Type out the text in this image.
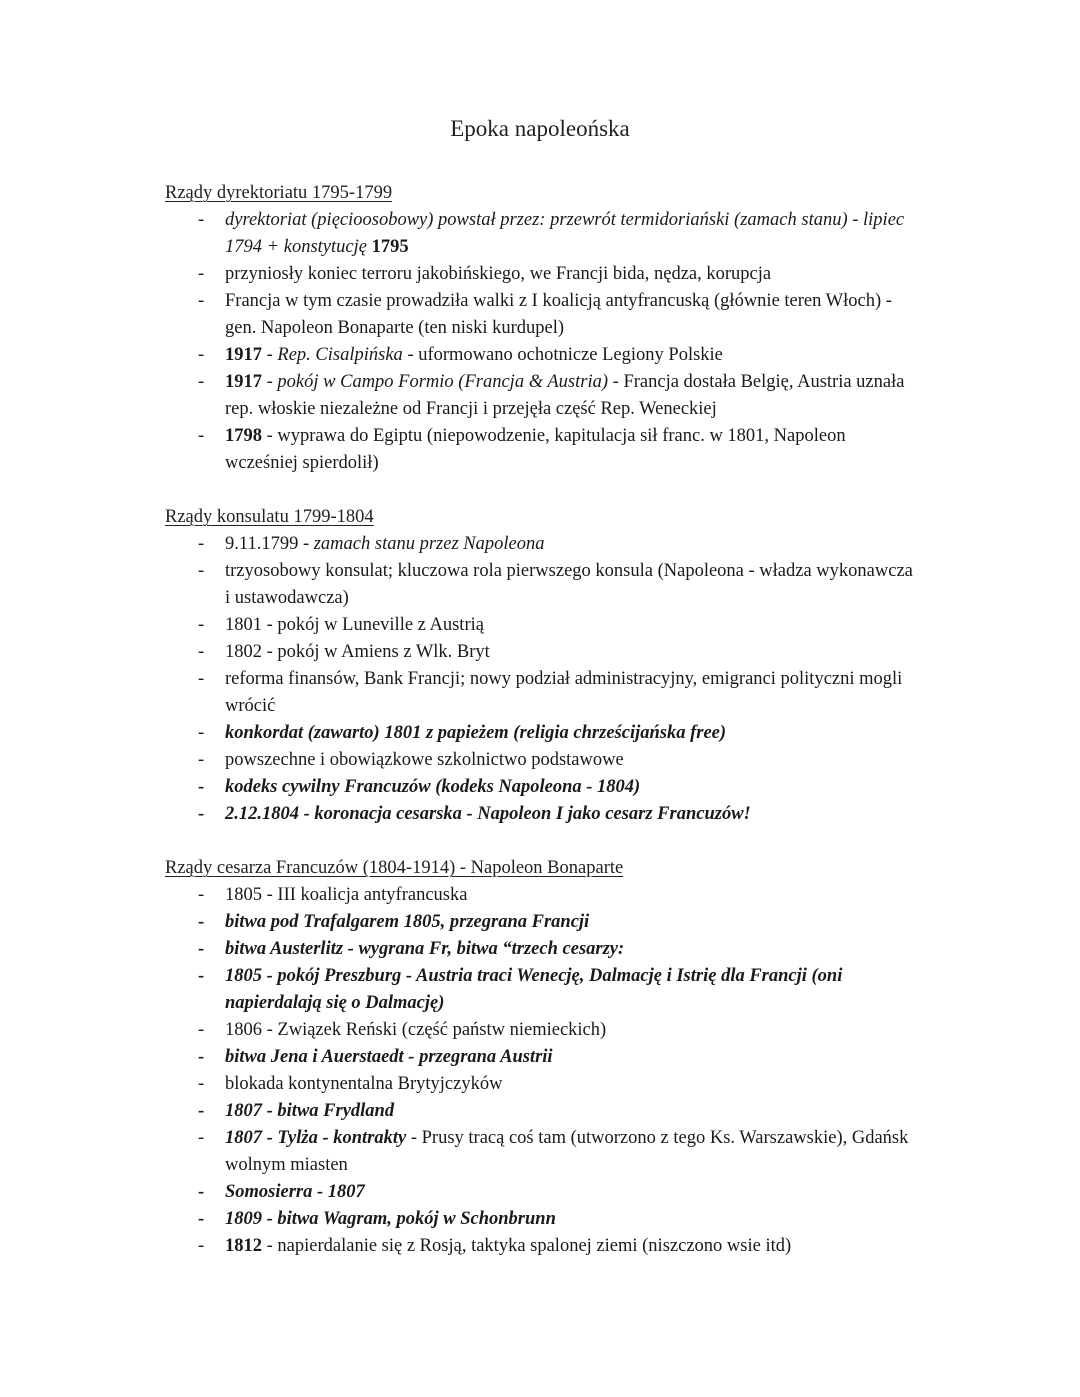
Epoka napoleońska
Rządy dyrektoriatu 1795-1799
- dyrektoriat (pięcioosobowy) powstał przez: przewrót termidoriański (zamach stanu) - lipiec 1794 + konstytucję 1795
- przyniosły koniec terroru jakobińskiego, we Francji bida, nędza, korupcja
- Francja w tym czasie prowadziła walki z I koalicją antyfrancuską (głównie teren Włoch) - gen. Napoleon Bonaparte (ten niski kurdupel)
- 1917 - Rep. Cisalpińska - uformowano ochotnicze Legiony Polskie
- 1917 - pokój w Campo Formio (Francja & Austria) - Francja dostała Belgię, Austria uznała rep. włoskie niezależne od Francji i przejęła część Rep. Weneckiej
- 1798 - wyprawa do Egiptu (niepowodzenie, kapitulacja sił franc. w 1801, Napoleon wcześniej spierdolił)
Rządy konsulatu 1799-1804
- 9.11.1799 - zamach stanu przez Napoleona
- trzyosobowy konsulat; kluczowa rola pierwszego konsula (Napoleona - władza wykonawcza i ustawodawcza)
- 1801 - pokój w Luneville z Austrią
- 1802 - pokój w Amiens z Wlk. Bryt
- reforma finansów, Bank Francji; nowy podział administracyjny, emigranci polityczni mogli wrócić
- konkordat (zawarto) 1801 z papieżem (religia chrześcijańska free)
- powszechne i obowiązkowe szkolnictwo podstawowe
- kodeks cywilny Francuzów (kodeks Napoleona - 1804)
- 2.12.1804 - koronacja cesarska - Napoleon I jako cesarz Francuzów!
Rządy cesarza Francuzów (1804-1914) - Napoleon Bonaparte
- 1805 - III koalicja antyfrancuska
- bitwa pod Trafalgarem 1805, przegrana Francji
- bitwa Austerlitz - wygrana Fr, bitwa “trzech cesarzy:
- 1805 - pokój Preszburg - Austria traci Wenecję, Dalmację i Istrię dla Francji (oni napierdalają się o Dalmację)
- 1806 - Związek Reński (część państw niemieckich)
- bitwa Jena i Auerstaedt - przegrana Austrii
- blokada kontynentalna Brytyjczyków
- 1807 - bitwa Frydland
- 1807 - Tylża - kontrakty - Prusy tracą coś tam (utworzono z tego Ks. Warszawskie), Gdańsk wolnym miasten
- Somosierra - 1807
- 1809 - bitwa Wagram, pokój w Schonbrunn
- 1812 - napierdalanie się z Rosją, taktyka spalonej ziemi (niszczono wsie itd)
